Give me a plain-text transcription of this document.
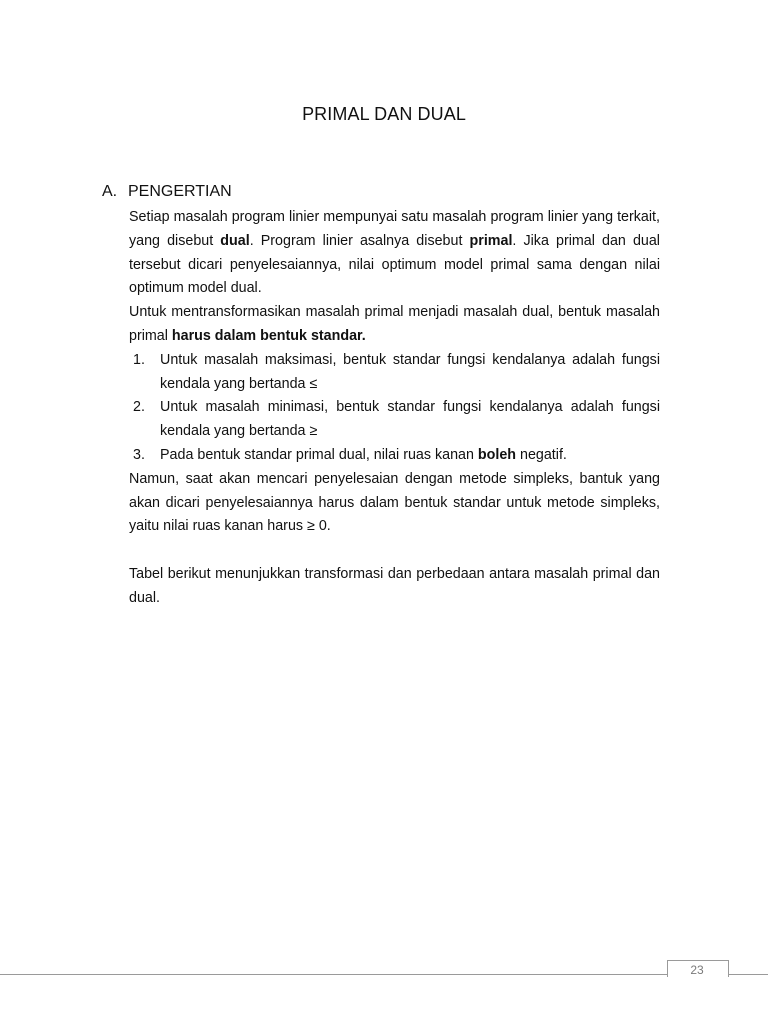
PRIMAL DAN DUAL
A. PENGERTIAN

Setiap masalah program linier mempunyai satu masalah program linier yang terkait, yang disebut dual. Program linier asalnya disebut primal. Jika primal dan dual tersebut dicari penyelesaiannya, nilai optimum model primal sama dengan nilai optimum model dual.

Untuk mentransformasikan masalah primal menjadi masalah dual, bentuk masalah primal harus dalam bentuk standar.

1. Untuk masalah maksimasi, bentuk standar fungsi kendalanya adalah fungsi kendala yang bertanda ≤
2. Untuk masalah minimasi, bentuk standar fungsi kendalanya adalah fungsi kendala yang bertanda ≥
3. Pada bentuk standar primal dual, nilai ruas kanan boleh negatif.

Namun, saat akan mencari penyelesaian dengan metode simpleks, bantuk yang akan dicari penyelesaiannya harus dalam bentuk standar untuk metode simpleks, yaitu nilai ruas kanan harus ≥ 0.

Tabel berikut menunjukkan transformasi dan perbedaan antara masalah primal dan dual.

23
